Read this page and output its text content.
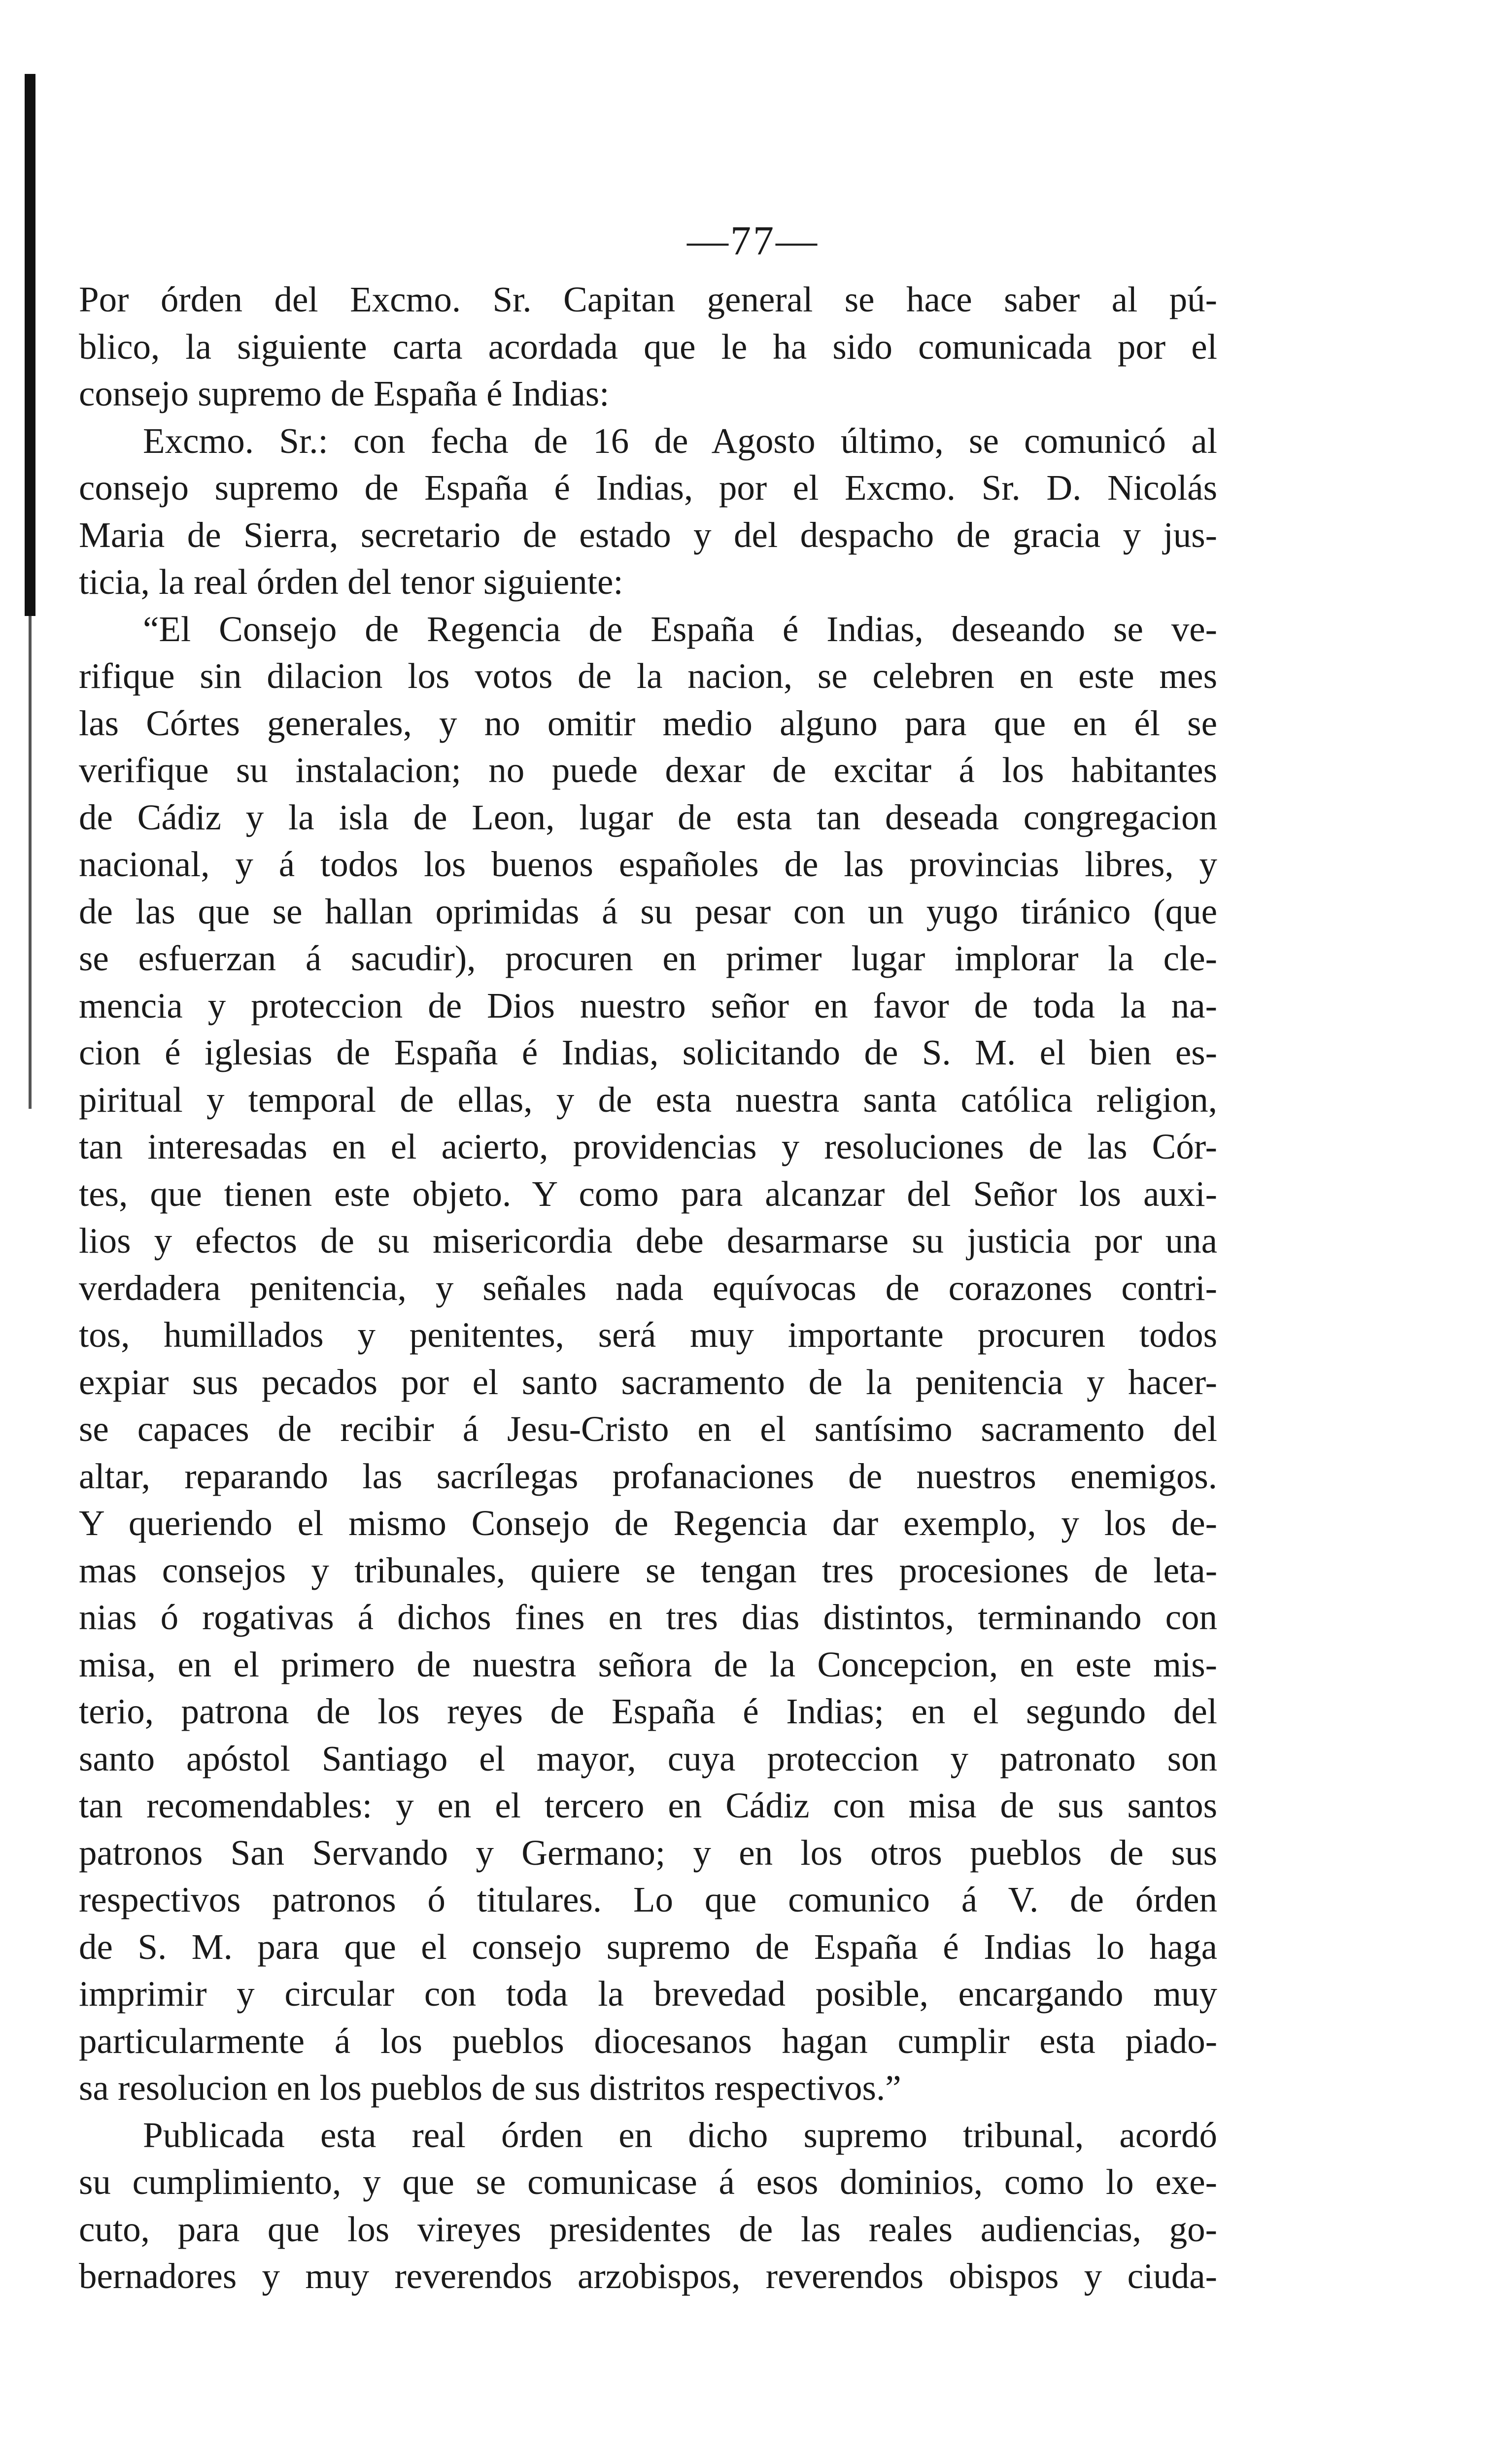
—77—
Por órden del Excmo. Sr. Capitan general se hace saber al pú-
blico, la siguiente carta acordada que le ha sido comunicada por el
consejo supremo de España é Indias:
Excmo. Sr.: con fecha de 16 de Agosto último, se comunicó al
consejo supremo de España é Indias, por el Excmo. Sr. D. Nicolás
Maria de Sierra, secretario de estado y del despacho de gracia y jus-
ticia, la real órden del tenor siguiente:
“El Consejo de Regencia de España é Indias, deseando se ve-
rifique sin dilacion los votos de la nacion, se celebren en este mes
las Córtes generales, y no omitir medio alguno para que en él se
verifique su instalacion; no puede dexar de excitar á los habitantes
de Cádiz y la isla de Leon, lugar de esta tan deseada congregacion
nacional, y á todos los buenos españoles de las provincias libres, y
de las que se hallan oprimidas á su pesar con un yugo tiránico (que
se esfuerzan á sacudir), procuren en primer lugar implorar la cle-
mencia y proteccion de Dios nuestro señor en favor de toda la na-
cion é iglesias de España é Indias, solicitando de S. M. el bien es-
piritual y temporal de ellas, y de esta nuestra santa católica religion,
tan interesadas en el acierto, providencias y resoluciones de las Cór-
tes, que tienen este objeto. Y como para alcanzar del Señor los auxi-
lios y efectos de su misericordia debe desarmarse su justicia por una
verdadera penitencia, y señales nada equívocas de corazones contri-
tos, humillados y penitentes, será muy importante procuren todos
expiar sus pecados por el santo sacramento de la penitencia y hacer-
se capaces de recibir á Jesu-Cristo en el santísimo sacramento del
altar, reparando las sacrílegas profanaciones de nuestros enemigos.
Y queriendo el mismo Consejo de Regencia dar exemplo, y los de-
mas consejos y tribunales, quiere se tengan tres procesiones de leta-
nias ó rogativas á dichos fines en tres dias distintos, terminando con
misa, en el primero de nuestra señora de la Concepcion, en este mis-
terio, patrona de los reyes de España é Indias; en el segundo del
santo apóstol Santiago el mayor, cuya proteccion y patronato son
tan recomendables: y en el tercero en Cádiz con misa de sus santos
patronos San Servando y Germano; y en los otros pueblos de sus
respectivos patronos ó titulares. Lo que comunico á V. de órden
de S. M. para que el consejo supremo de España é Indias lo haga
imprimir y circular con toda la brevedad posible, encargando muy
particularmente á los pueblos diocesanos hagan cumplir esta piado-
sa resolucion en los pueblos de sus distritos respectivos.”
Publicada esta real órden en dicho supremo tribunal, acordó
su cumplimiento, y que se comunicase á esos dominios, como lo exe-
cuto, para que los vireyes presidentes de las reales audiencias, go-
bernadores y muy reverendos arzobispos, reverendos obispos y ciuda-
